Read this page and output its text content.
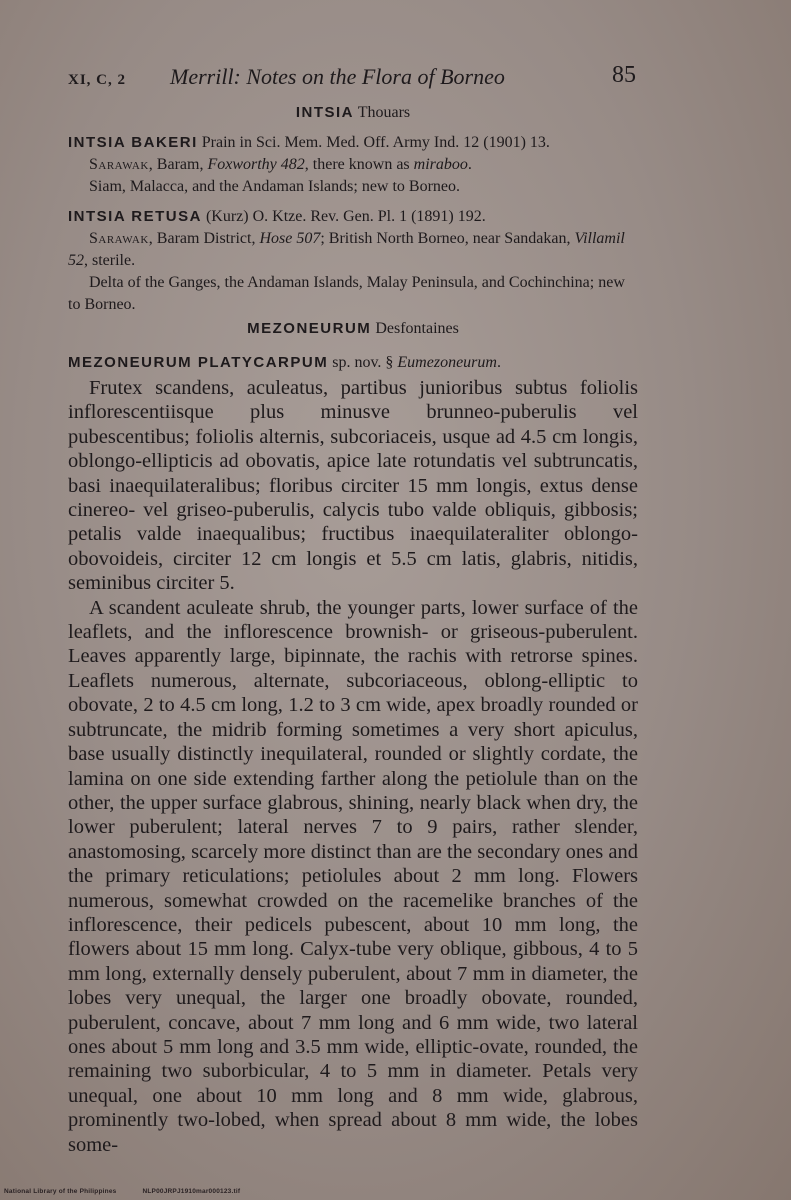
XI, C, 2 Merrill: Notes on the Flora of Borneo	85
INTSIA Thouars

INTSIA BAKERI Prain in Sci. Mem. Med. Off. Army Ind. 12 (1901) 13.

Sarawak, Baram, Foxworthy 482, there known as miraboo.

Siam, Malacca, and the Andaman Islands; new to Borneo.

INTSIA RETUSA (Kurz) O. Ktze. Rev. Gen. Pl. 1 (1891) 192.

Sarawak, Baram District, Hose 507; British North Borneo, near Sandakan, Villamil 52, sterile.

Delta of the Ganges, the Andaman Islands, Malay Peninsula, and Cochinchina; new to Borneo.

MEZONEURUM Desfontaines

MEZONEURUM PLATYCARPUM sp. nov. § Eumezoneurum.

Frutex scandens, aculeatus, partibus junioribus subtus foliolis inflorescentiisque plus minusve brunneo-puberulis vel pubescentibus; foliolis alternis, subcoriaceis, usque ad 4.5 cm longis, oblongo-ellipticis ad obovatis, apice late rotundatis vel subtruncatis, basi inaequilateralibus; floribus circiter 15 mm longis, extus dense cinereo- vel griseo-puberulis, calycis tubo valde obliquis, gibbosis; petalis valde inaequalibus; fructibus inaequilateraliter oblongo-obovoideis, circiter 12 cm longis et 5.5 cm latis, glabris, nitidis, seminibus circiter 5.

A scandent aculeate shrub, the younger parts, lower surface of the leaflets, and the inflorescence brownish- or griseous-puberulent. Leaves apparently large, bipinnate, the rachis with retrorse spines. Leaflets numerous, alternate, subcoriaceous, oblong-elliptic to obovate, 2 to 4.5 cm long, 1.2 to 3 cm wide, apex broadly rounded or subtruncate, the midrib forming sometimes a very short apiculus, base usually distinctly inequilateral, rounded or slightly cordate, the lamina on one side extending farther along the petiolule than on the other, the upper surface glabrous, shining, nearly black when dry, the lower puberulent; lateral nerves 7 to 9 pairs, rather slender, anastomosing, scarcely more distinct than are the secondary ones and the primary reticulations; petiolules about 2 mm long. Flowers numerous, somewhat crowded on the racemelike branches of the inflorescence, their pedicels pubescent, about 10 mm long, the flowers about 15 mm long. Calyx-tube very oblique, gibbous, 4 to 5 mm long, externally densely puberulent, about 7 mm in diameter, the lobes very unequal, the larger one broadly obovate, rounded, puberulent, concave, about 7 mm long and 6 mm wide, two lateral ones about 5 mm long and 3.5 mm wide, elliptic-ovate, rounded, the remaining two suborbicular, 4 to 5 mm in diameter. Petals very unequal, one about 10 mm long and 8 mm wide, glabrous, prominently two-lobed, when spread about 8 mm wide, the lobes some-

National Library of the Philippines	NLP00JRPJ1910mar000123.tif
